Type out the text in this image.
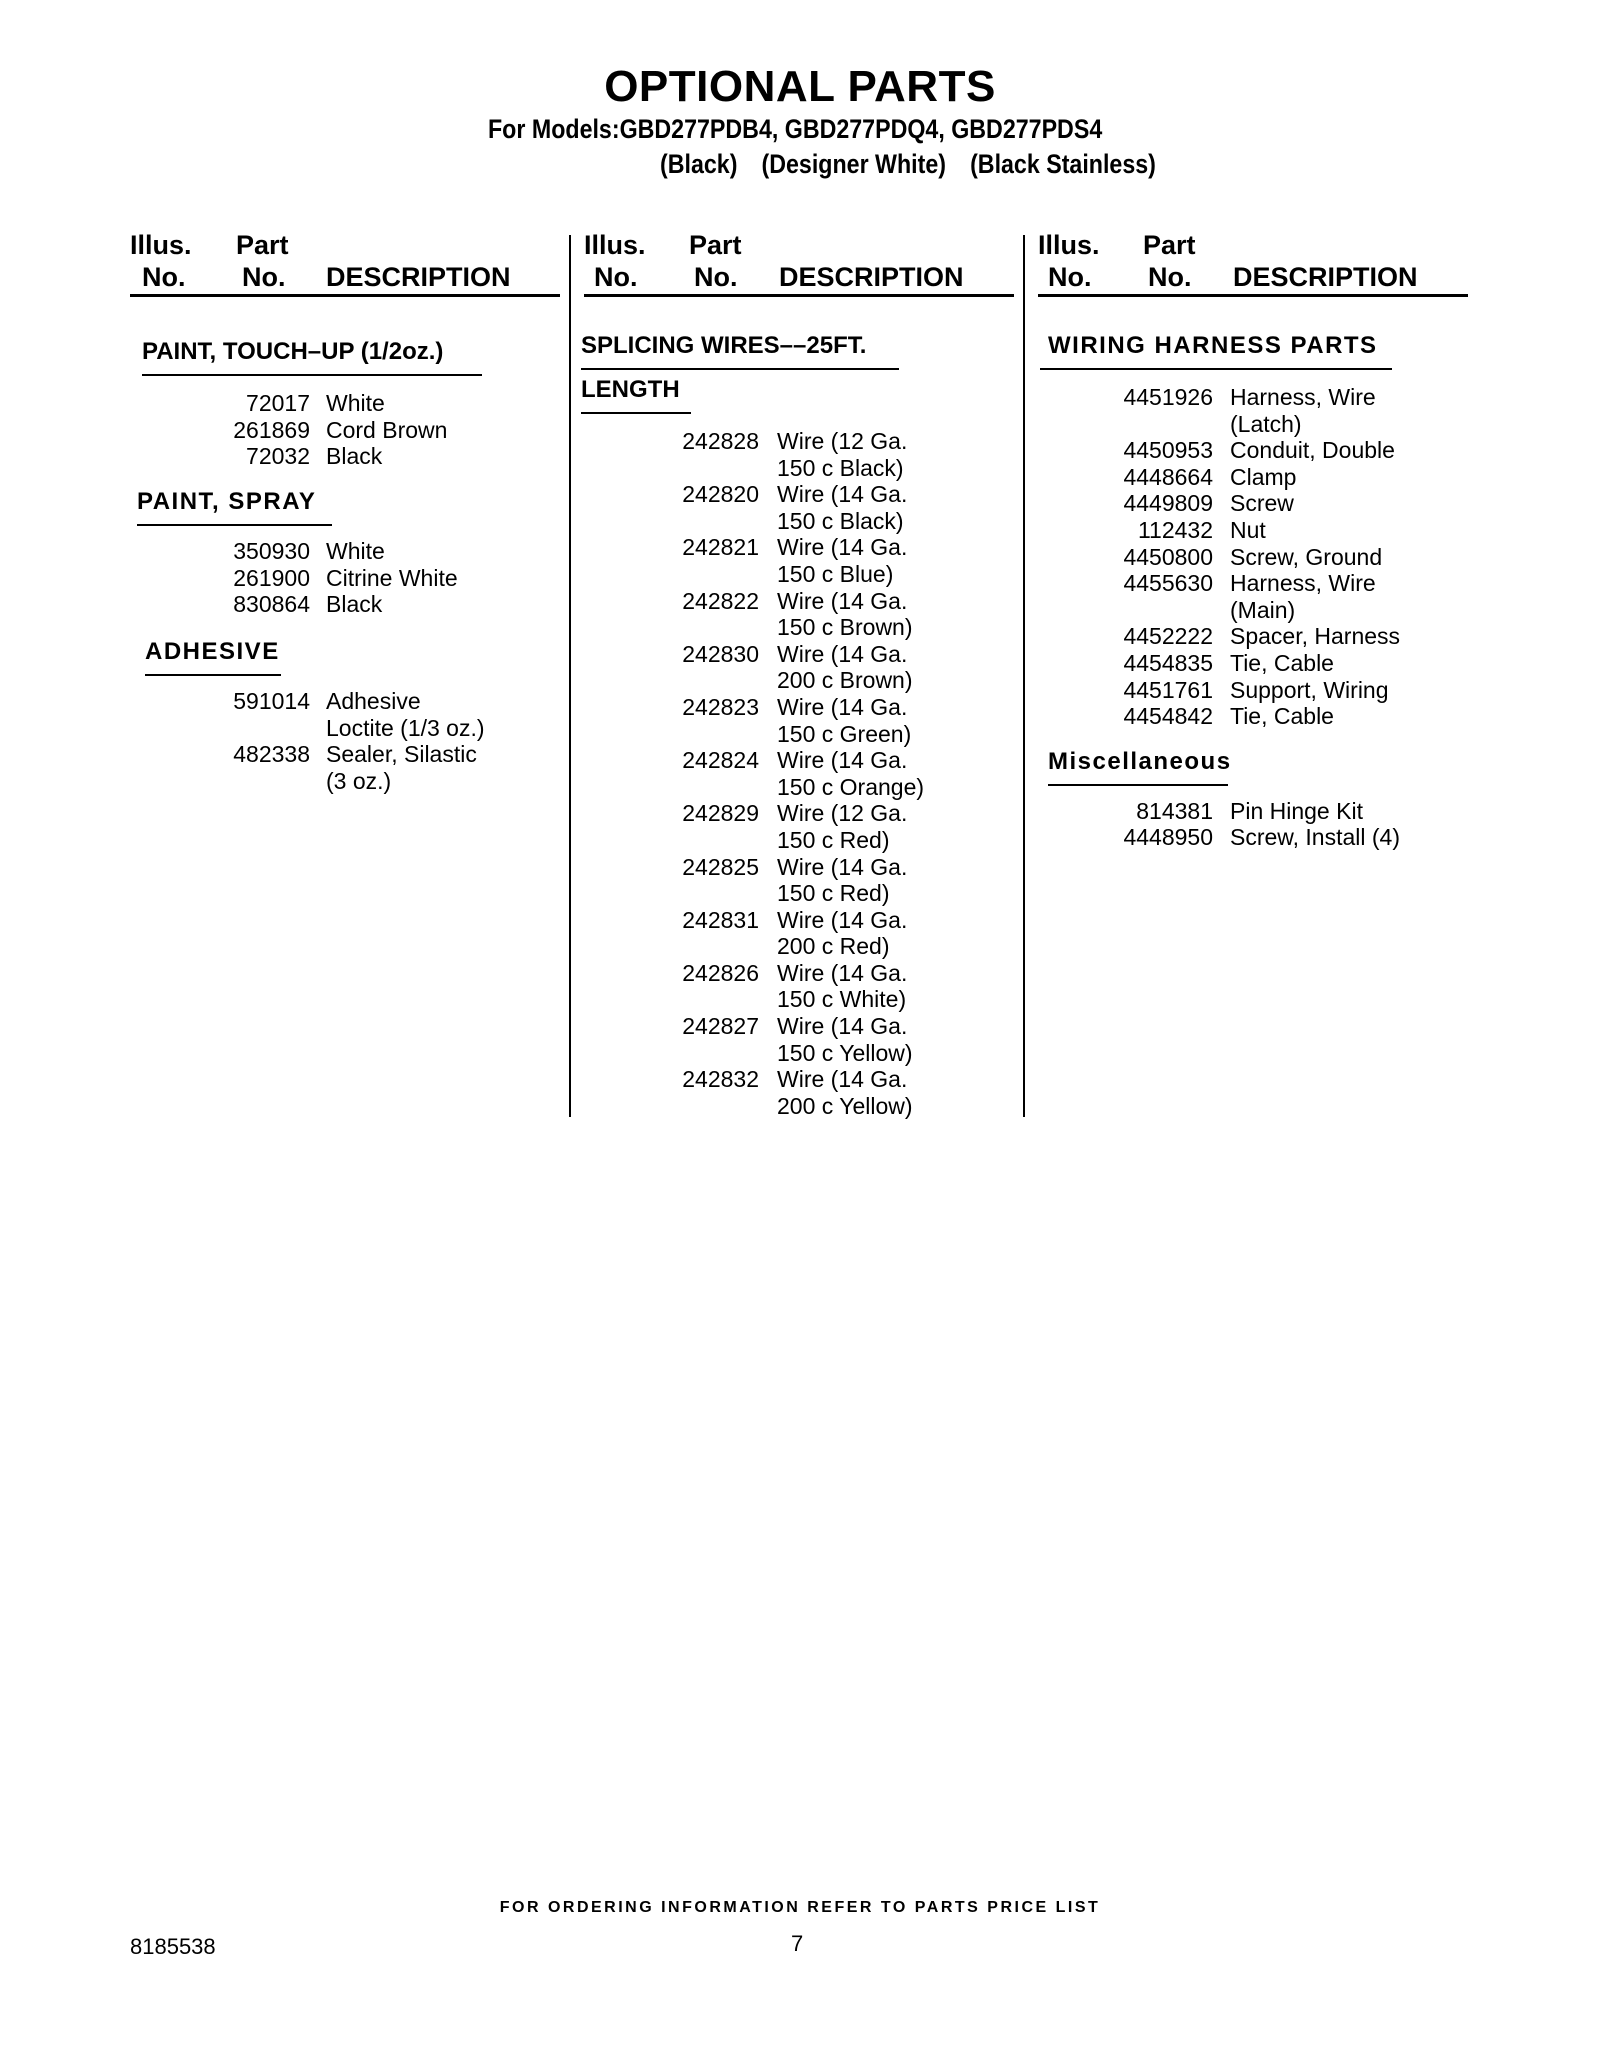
OPTIONAL PARTS
For Models:GBD277PDB4, GBD277PDQ4, GBD277PDS4
(Black) (Designer White) (Black Stainless)
Illus. Part
No. No. DESCRIPTION
PAINT, TOUCH–UP (1/2oz.)
72017 White
261869 Cord Brown
72032 Black
PAINT, SPRAY
350930 White
261900 Citrine White
830864 Black
ADHESIVE
591014 Adhesive
Loctite (1/3 oz.)
482338 Sealer, Silastic
(3 oz.)
Illus. Part
No. No. DESCRIPTION
SPLICING WIRES––25FT.
LENGTH
242828 Wire (12 Ga.
150 c Black)
242820 Wire (14 Ga.
150 c Black)
242821 Wire (14 Ga.
150 c Blue)
242822 Wire (14 Ga.
150 c Brown)
242830 Wire (14 Ga.
200 c Brown)
242823 Wire (14 Ga.
150 c Green)
242824 Wire (14 Ga.
150 c Orange)
242829 Wire (12 Ga.
150 c Red)
242825 Wire (14 Ga.
150 c Red)
242831 Wire (14 Ga.
200 c Red)
242826 Wire (14 Ga.
150 c White)
242827 Wire (14 Ga.
150 c Yellow)
242832 Wire (14 Ga.
200 c Yellow)
Illus. Part
No. No. DESCRIPTION
WIRING HARNESS PARTS
4451926 Harness, Wire
(Latch)
4450953 Conduit, Double
4448664 Clamp
4449809 Screw
112432 Nut
4450800 Screw, Ground
4455630 Harness, Wire
(Main)
4452222 Spacer, Harness
4454835 Tie, Cable
4451761 Support, Wiring
4454842 Tie, Cable
Miscellaneous
814381 Pin Hinge Kit
4448950 Screw, Install (4)
FOR ORDERING INFORMATION REFER TO PARTS PRICE LIST
8185538	7
